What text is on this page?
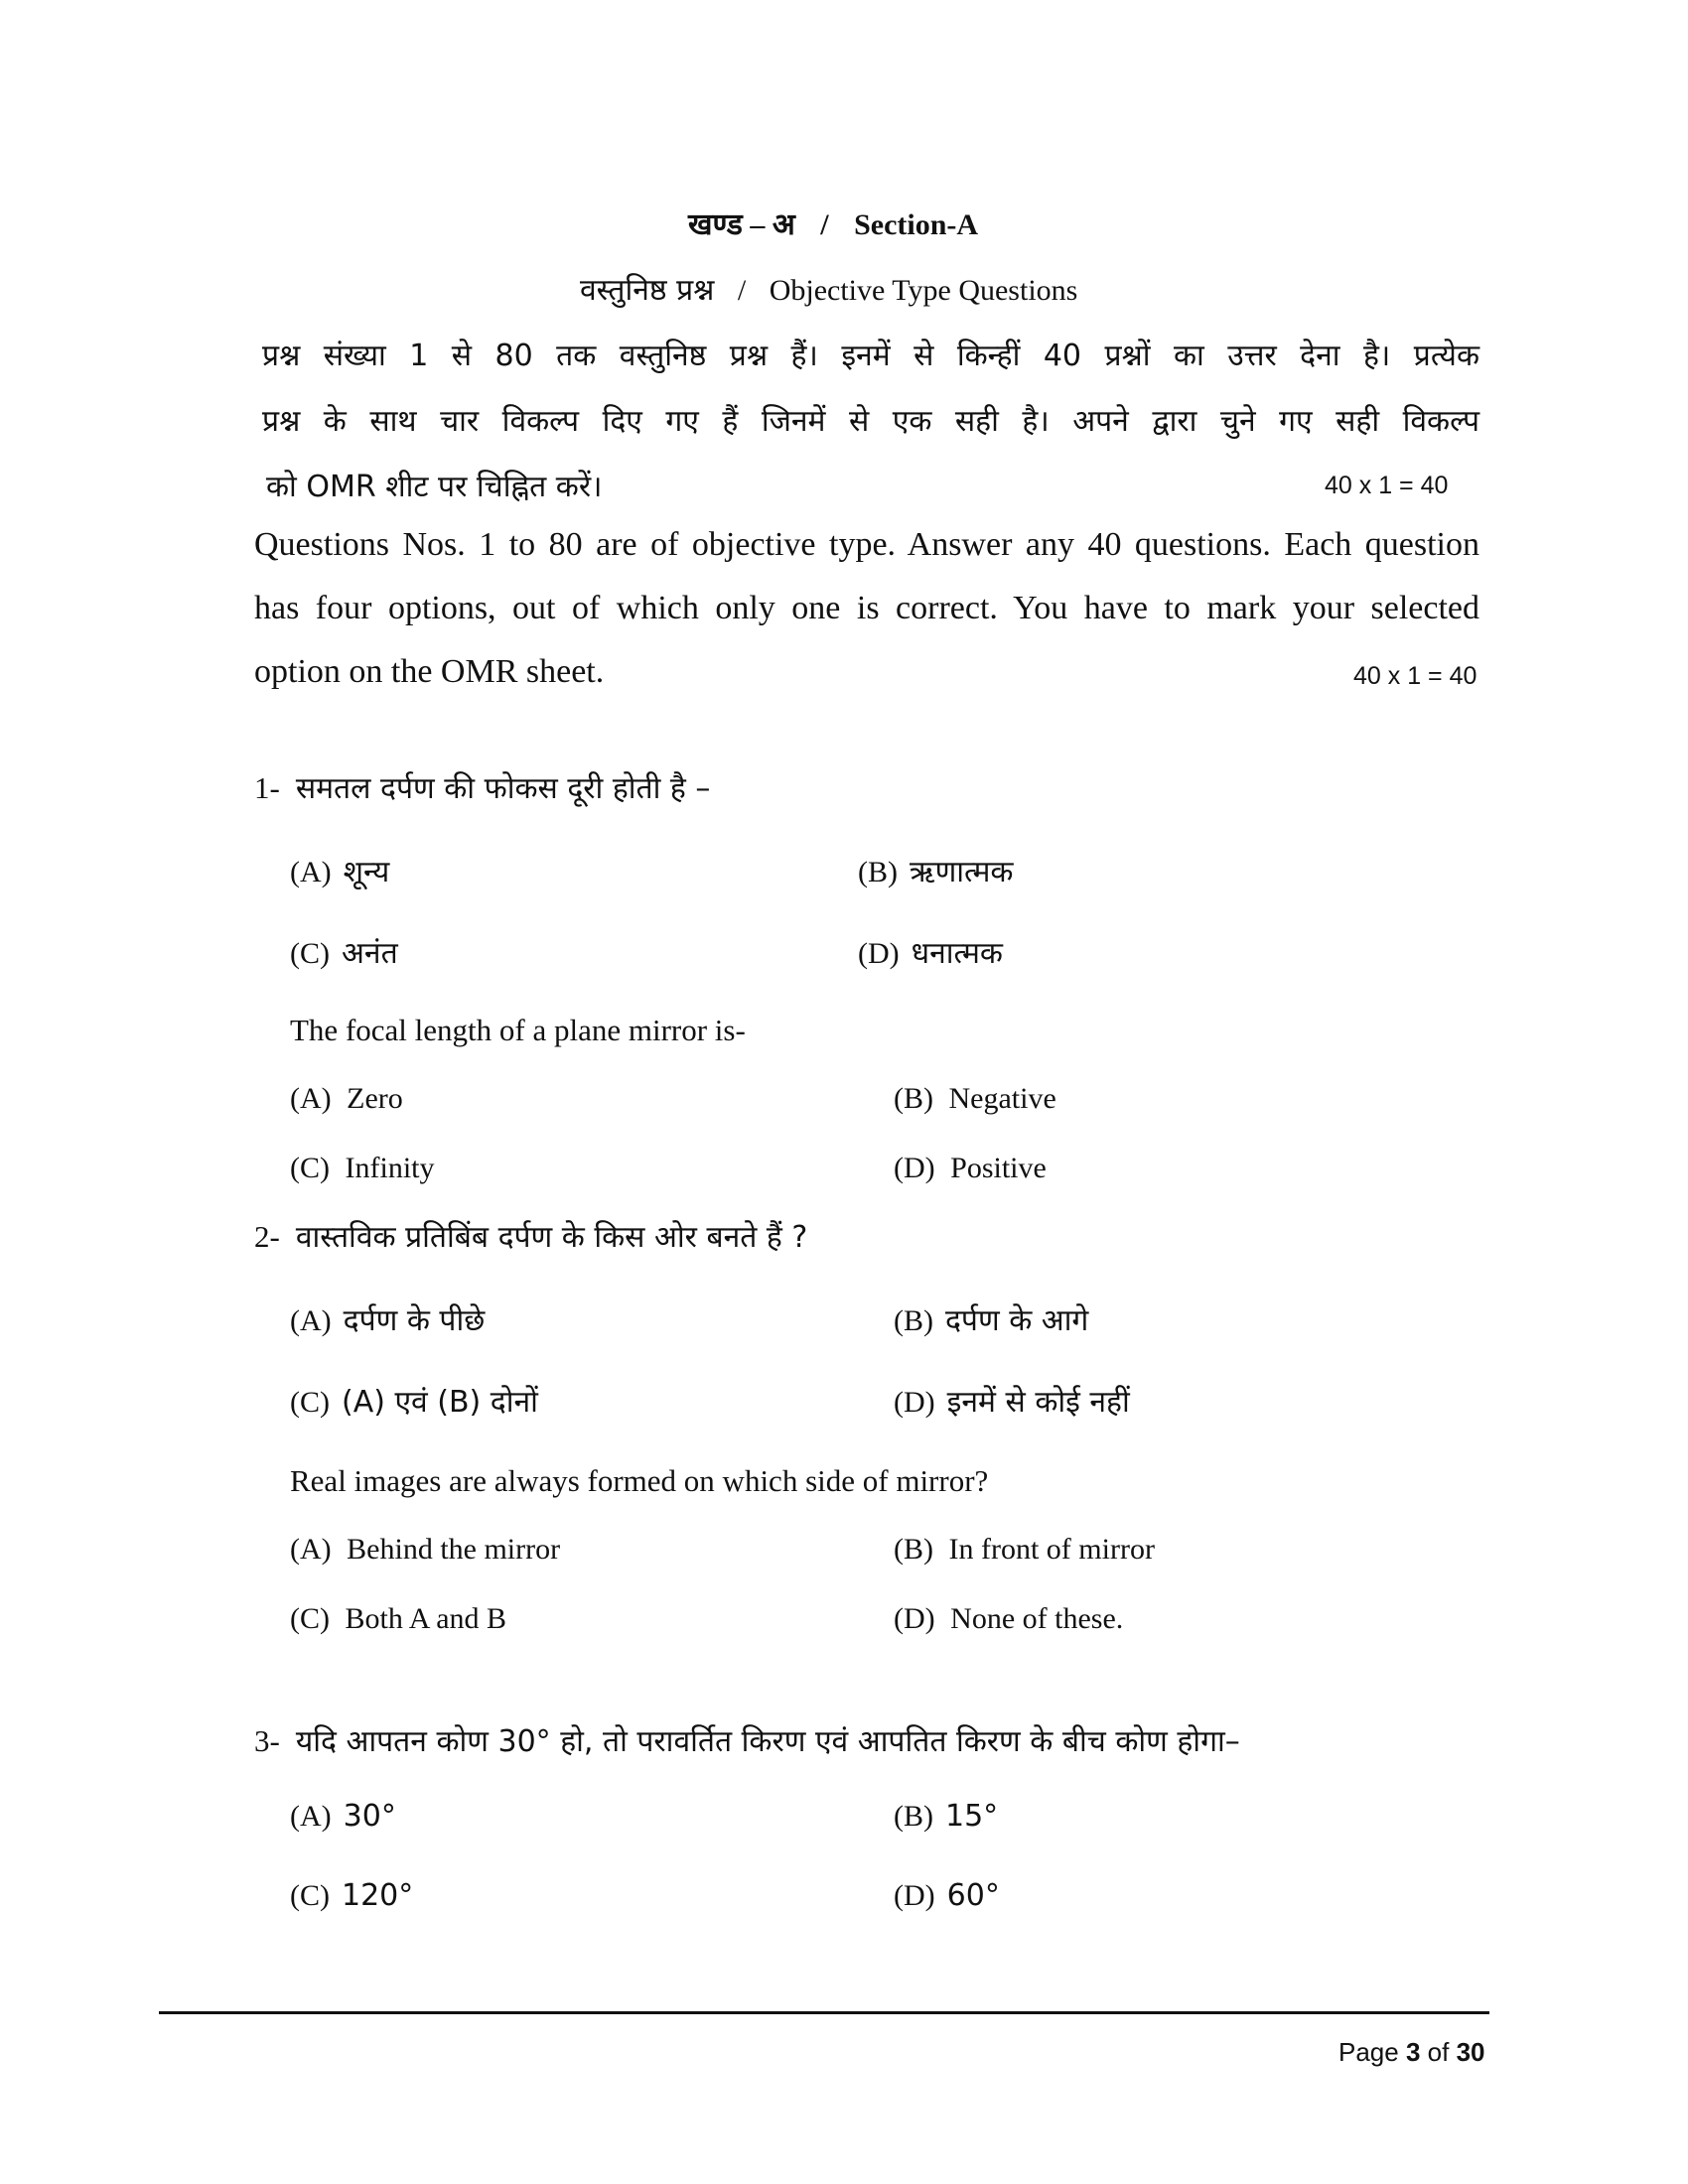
खण्ड – अ / Section-A
वस्तुनिष्ठ प्रश्न / Objective Type Questions
प्रश्न संख्या 1 से 80 तक वस्तुनिष्ठ प्रश्न हैं। इनमें से किन्हीं 40 प्रश्नों का उत्तर देना है। प्रत्येक
प्रश्न के साथ चार विकल्प दिए गए हैं जिनमें से एक सही है। अपने द्वारा चुने गए सही विकल्प
को OMR शीट पर चिह्नित करें।	40 x 1 = 40
Questions Nos. 1 to 80 are of objective type. Answer any 40 questions. Each question
has four options, out of which only one is correct. You have to mark your selected
option on the OMR sheet.	40 x 1 = 40
1- समतल दर्पण की फोकस दूरी होती है –
(A) शून्य	(B) ऋणात्मक
(C) अनंत	(D) धनात्मक
The focal length of a plane mirror is-
(A) Zero	(B) Negative
(C) Infinity	(D) Positive
2- वास्तविक प्रतिबिंब दर्पण के किस ओर बनते हैं ?
(A) दर्पण के पीछे	(B) दर्पण के आगे
(C) (A) एवं (B) दोनों	(D) इनमें से कोई नहीं
Real images are always formed on which side of mirror?
(A) Behind the mirror	(B) In front of mirror
(C) Both A and B	(D) None of these.
3- यदि आपतन कोण 30° हो, तो परावर्तित किरण एवं आपतित किरण के बीच कोण होगा–
(A) 30°	(B) 15°
(C) 120°	(D) 60°
Page 3 of 30
